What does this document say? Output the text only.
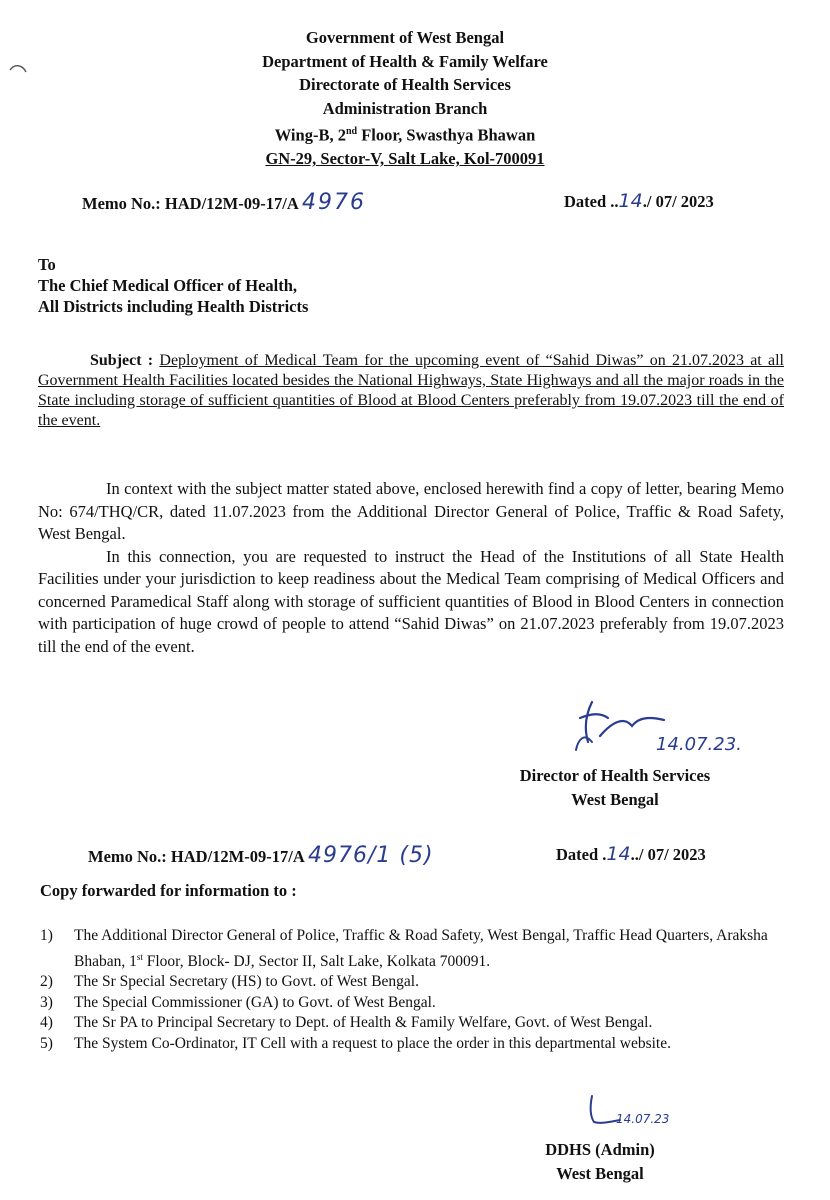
Government of West Bengal
Department of Health & Family Welfare
Directorate of Health Services
Administration Branch
Wing-B, 2nd Floor, Swasthya Bhawan
GN-29, Sector-V, Salt Lake, Kol-700091
Memo No.: HAD/12M-09-17/A 4976	Dated ..14./ 07/ 2023
To
The Chief Medical Officer of Health,
All Districts including Health Districts
Subject : Deployment of Medical Team for the upcoming event of “Sahid Diwas” on 21.07.2023 at all Government Health Facilities located besides the National Highways, State Highways and all the major roads in the State including storage of sufficient quantities of Blood at Blood Centers preferably from 19.07.2023 till the end of the event.

In context with the subject matter stated above, enclosed herewith find a copy of letter, bearing Memo No: 674/THQ/CR, dated 11.07.2023 from the Additional Director General of Police, Traffic & Road Safety, West Bengal.

In this connection, you are requested to instruct the Head of the Institutions of all State Health Facilities under your jurisdiction to keep readiness about the Medical Team comprising of Medical Officers and concerned Paramedical Staff along with storage of sufficient quantities of Blood in Blood Centers in connection with participation of huge crowd of people to attend “Sahid Diwas” on 21.07.2023 preferably from 19.07.2023 till the end of the event.

14.07.23.
Director of Health Services
West Bengal
Memo No.: HAD/12M-09-17/A 4976/1 (5)	Dated .14../ 07/ 2023
Copy forwarded for information to :
1) The Additional Director General of Police, Traffic & Road Safety, West Bengal, Traffic Head Quarters, Araksha Bhaban, 1st Floor, Block- DJ, Sector II, Salt Lake, Kolkata 700091.
2) The Sr Special Secretary (HS) to Govt. of West Bengal.
3) The Special Commissioner (GA) to Govt. of West Bengal.
4) The Sr PA to Principal Secretary to Dept. of Health & Family Welfare, Govt. of West Bengal.
5) The System Co-Ordinator, IT Cell with a request to place the order in this departmental website.
14.07.23
DDHS (Admin)
West Bengal
